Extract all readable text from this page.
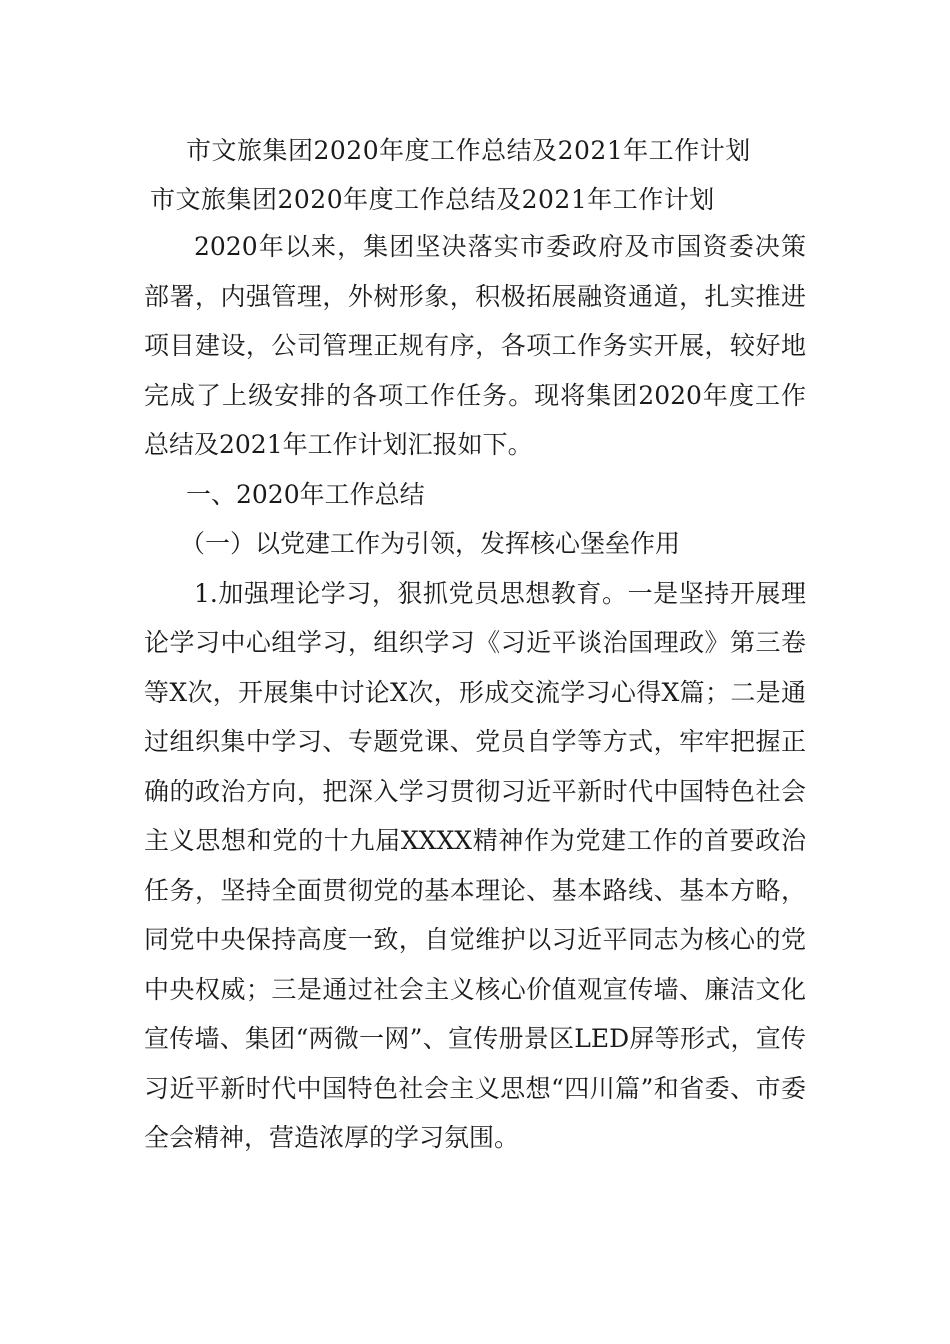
市文旅集团2020年度工作总结及2021年工作计划
市文旅集团2020年度工作总结及2021年工作计划

2020年以来，集团坚决落实市委政府及市国资委决策部署，内强管理，外树形象，积极拓展融资通道，扎实推进项目建设，公司管理正规有序，各项工作务实开展，较好地完成了上级安排的各项工作任务。现将集团2020年度工作总结及2021年工作计划汇报如下。

一、2020年工作总结

（一）以党建工作为引领，发挥核心堡垒作用

1.加强理论学习，狠抓党员思想教育。一是坚持开展理论学习中心组学习，组织学习《习近平谈治国理政》第三卷等X次，开展集中讨论X次，形成交流学习心得X篇；二是通过组织集中学习、专题党课、党员自学等方式，牢牢把握正确的政治方向，把深入学习贯彻习近平新时代中国特色社会主义思想和党的十九届XXXX精神作为党建工作的首要政治任务，坚持全面贯彻党的基本理论、基本路线、基本方略，同党中央保持高度一致，自觉维护以习近平同志为核心的党中央权威；三是通过社会主义核心价值观宣传墙、廉洁文化宣传墙、集团“两微一网”、宣传册景区LED屏等形式，宣传习近平新时代中国特色社会主义思想“四川篇”和省委、市委全会精神，营造浓厚的学习氛围。
